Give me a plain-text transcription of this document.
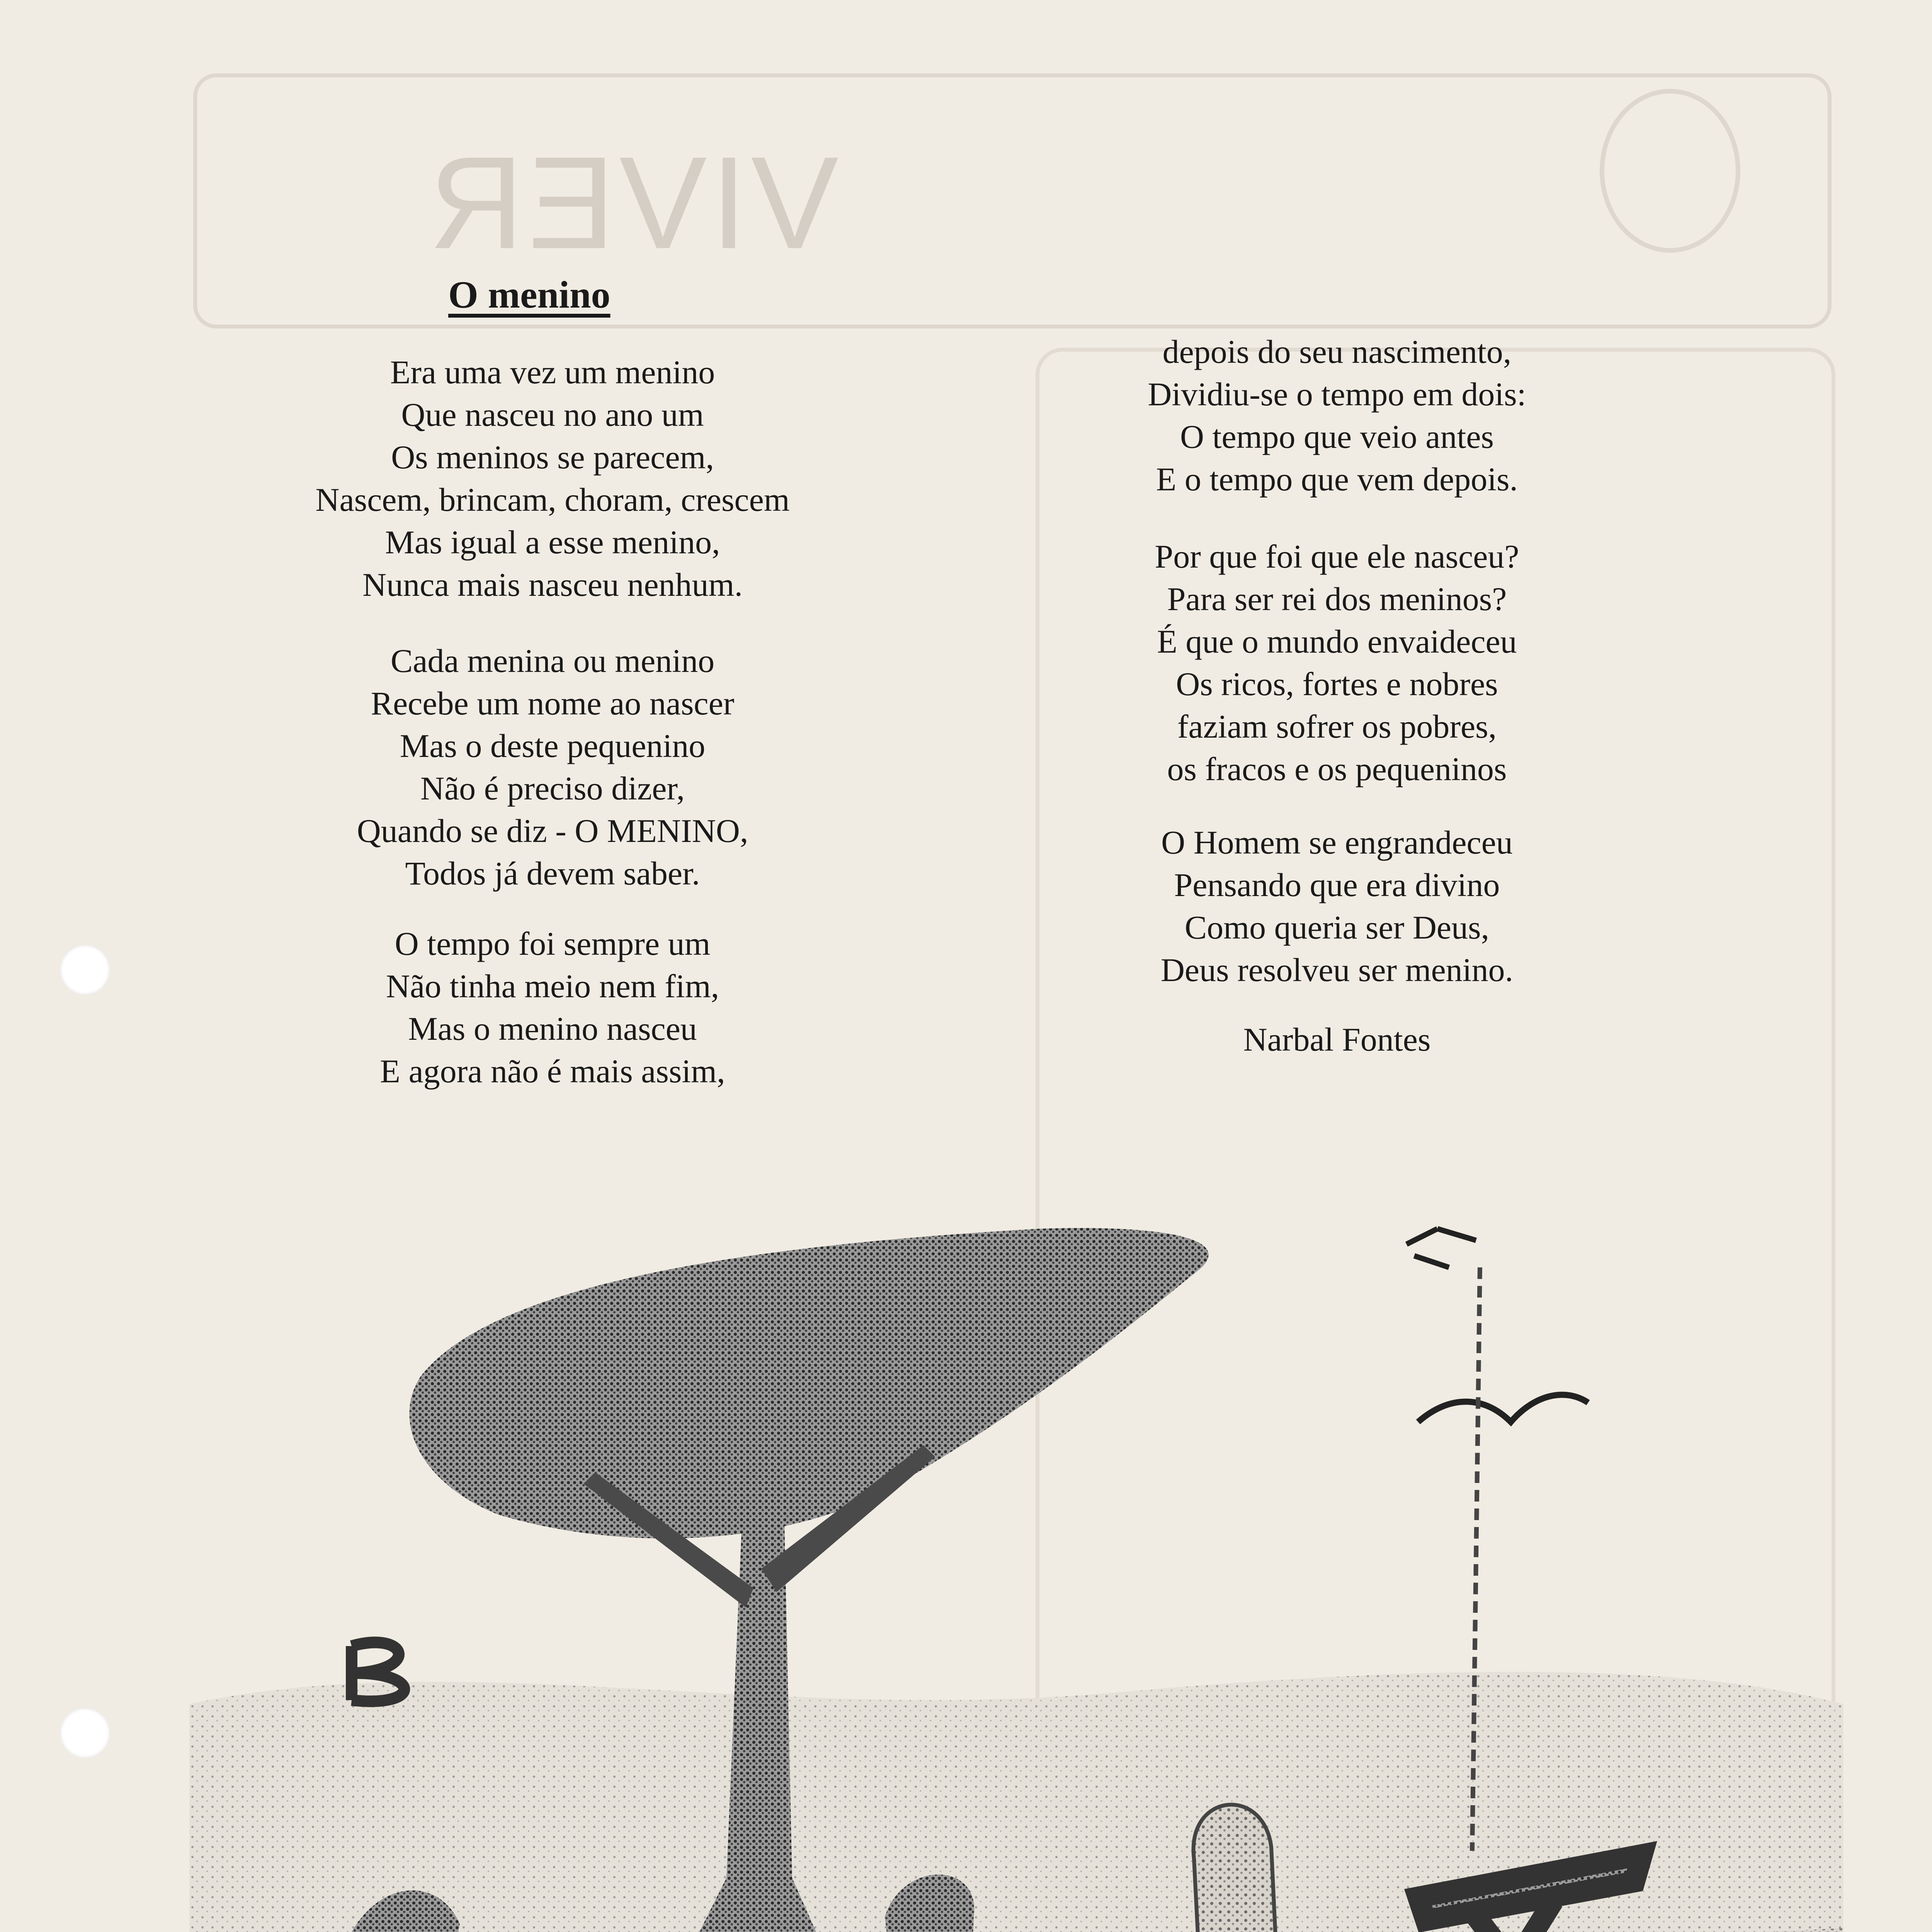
VIVER
O menino
Era uma vez um menino
Que nasceu no ano um
Os meninos se parecem,
Nascem, brincam, choram, crescem
Mas igual a esse menino,
Nunca mais nasceu nenhum.
Cada menina ou menino
Recebe um nome ao nascer
Mas o deste pequenino
Não é preciso dizer,
Quando se diz - O MENINO,
Todos já devem saber.
O tempo foi sempre um
Não tinha meio nem fim,
Mas o menino nasceu
E agora não é mais assim,
depois do seu nascimento,
Dividiu-se o tempo em dois:
O tempo que veio antes
E o tempo que vem depois.
Por que foi que ele nasceu?
Para ser rei dos meninos?
É que o mundo envaideceu
Os ricos, fortes e nobres
faziam sofrer os pobres,
os fracos e os pequeninos
O Homem se engrandeceu
Pensando que era divino
Como queria ser Deus,
Deus resolveu ser menino.
Narbal Fontes
